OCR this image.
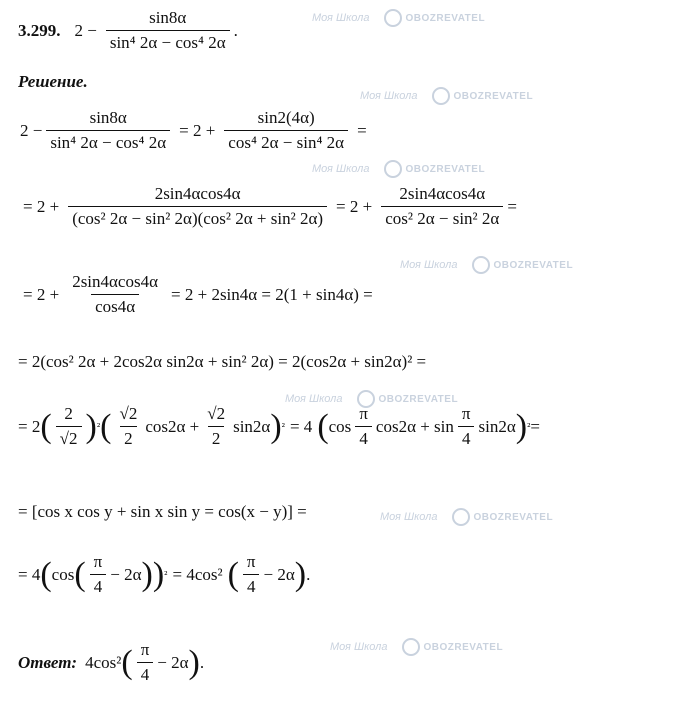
Моя Школа	OBOZREVATEL
Моя Школа	OBOZREVATEL
Моя Школа	OBOZREVATEL
Моя Школа	OBOZREVATEL
Моя Школа	OBOZREVATEL
Моя Школа	OBOZREVATEL
Моя Школа	OBOZREVATEL
3.299. $2 - \frac{\sin 8\alpha}{\text{sin⁴ 2α − cos⁴ 2α}}$ .
Решение.
$2 - \frac{\sin 8\alpha}{\text{sin⁴ 2α − cos⁴ 2α}} = 2 + \frac{\sin 2(4\alpha)}{\text{cos⁴ 2α − sin⁴ 2α}}$ =
= $2 + \frac{2\sin 4\alpha\cos 4\alpha}{\text{(cos² 2α − sin² 2α)(cos² 2α + sin² 2α)}} = 2 + \frac{2\sin 4\alpha\cos 4\alpha}{\text{cos² 2α − sin² 2α}}$ =
= $2 + \frac{2\sin 4\alpha\cos 4\alpha}{\cos 4\alpha} = 2 + 2\sin 4\alpha = 2(1 + \sin 4\alpha)$ =
= 2(cos² 2α + 2cos2α sin2α + sin² 2α) = 2(cos2α + sin2α)² =
= 2 ( $\frac{2}{√2}$ ) ² ( $\frac{√2}{2} \cos 2\alpha + \frac{√2}{2} \sin 2\alpha$ ) ² = 4 ( $\cos \frac{\pi}{4} \cos 2\alpha + \sin \frac{\pi}{4} \sin 2\alpha$ ) ² =
= [cos x cos y + sin x sin y = cos(x − y)] =
= 4 ( cos ( $\frac{\pi}{4} - 2\alpha$ )) ² = 4cos² ( $\frac{\pi}{4} - 2\alpha$ ) .
Ответ: 4cos² ( $\frac{\pi}{4} - 2\alpha$ ) .
